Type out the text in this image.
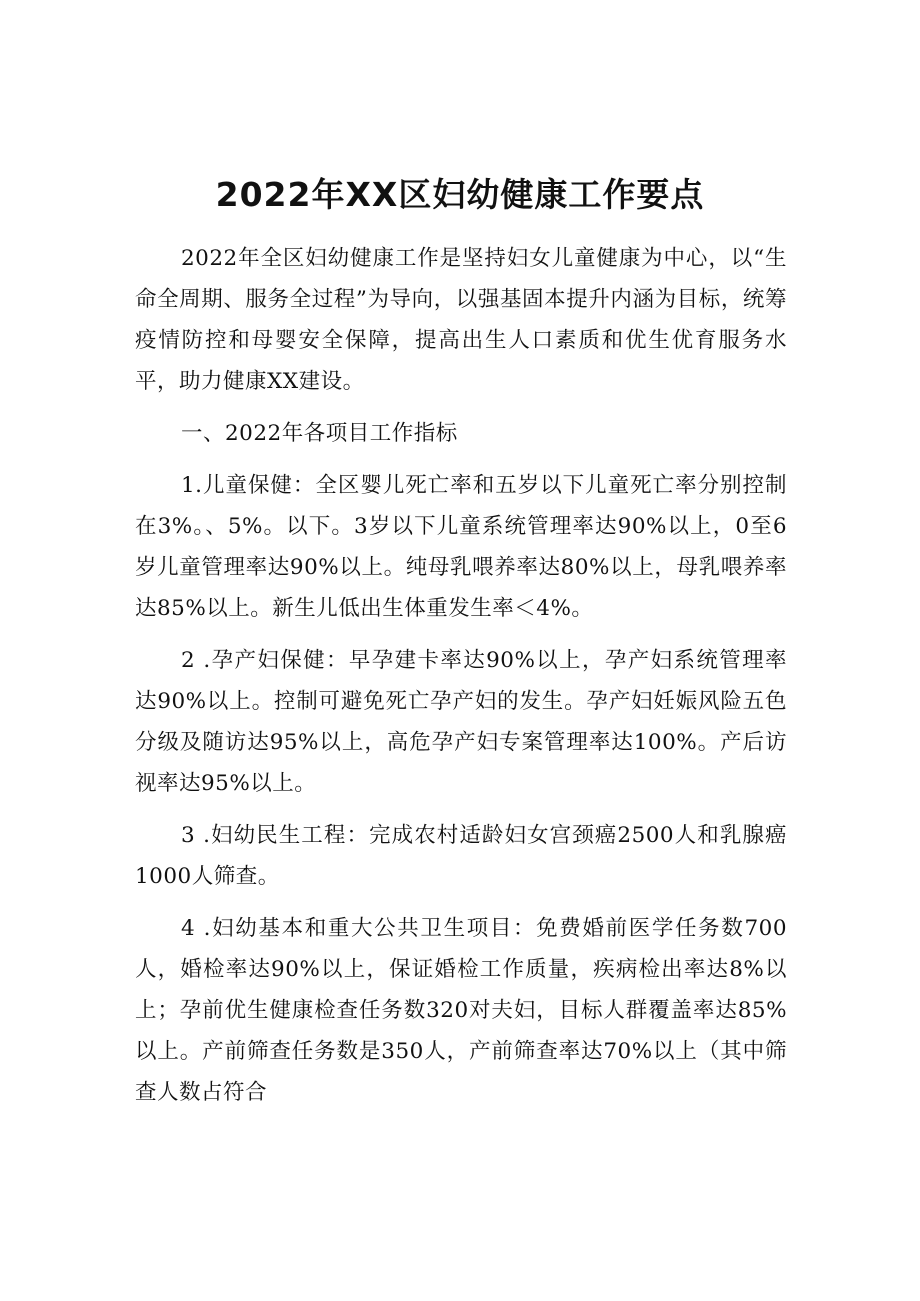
2022年XX区妇幼健康工作要点

2022年全区妇幼健康工作是坚持妇女儿童健康为中心，以“生命全周期、服务全过程”为导向，以强基固本提升内涵为目标，统筹疫情防控和母婴安全保障，提高出生人口素质和优生优育服务水平，助力健康XX建设。

一、2022年各项目工作指标

1.儿童保健：全区婴儿死亡率和五岁以下儿童死亡率分别控制在3%。、5%。以下。3岁以下儿童系统管理率达90%以上，0至6岁儿童管理率达90%以上。纯母乳喂养率达80%以上，母乳喂养率达85%以上。新生儿低出生体重发生率＜4%。

2 .孕产妇保健：早孕建卡率达90%以上，孕产妇系统管理率达90%以上。控制可避免死亡孕产妇的发生。孕产妇妊娠风险五色分级及随访达95%以上，高危孕产妇专案管理率达100%。产后访视率达95%以上。

3 .妇幼民生工程：完成农村适龄妇女宫颈癌2500人和乳腺癌1000人筛查。

4 .妇幼基本和重大公共卫生项目：免费婚前医学任务数700人，婚检率达90%以上，保证婚检工作质量，疾病检出率达8%以上；孕前优生健康检查任务数320对夫妇，目标人群覆盖率达85%以上。产前筛查任务数是350人，产前筛查率达70%以上（其中筛查人数占符合
